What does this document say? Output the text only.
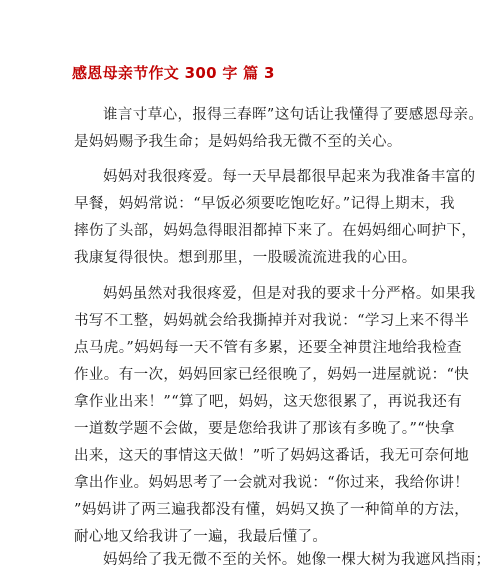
感恩母亲节作文 300 字 篇 3
谁言寸草心，报得三春晖”这句话让我懂得了要感恩母亲。
是妈妈赐予我生命；是妈妈给我无微不至的关心。
妈妈对我很疼爱。每一天早晨都很早起来为我准备丰富的
早餐，妈妈常说：“早饭必须要吃饱吃好。”记得上期末，我
摔伤了头部，妈妈急得眼泪都掉下来了。在妈妈细心呵护下，
我康复得很快。想到那里，一股暖流流进我的心田。
妈妈虽然对我很疼爱，但是对我的要求十分严格。如果我
书写不工整，妈妈就会给我撕掉并对我说：“学习上来不得半
点马虎。”妈妈每一天不管有多累，还要全神贯注地给我检查
作业。有一次，妈妈回家已经很晚了，妈妈一进屋就说：“快
拿作业出来！”“算了吧，妈妈，这天您很累了，再说我还有
一道数学题不会做，要是您给我讲了那该有多晚了。”“快拿
出来，这天的事情这天做！”听了妈妈这番话，我无可奈何地
拿出作业。妈妈思考了一会就对我说：“你过来，我给你讲！
”妈妈讲了两三遍我都没有懂，妈妈又换了一种简单的方法，
耐心地又给我讲了一遍，我最后懂了。
妈妈给了我无微不至的关怀。她像一棵大树为我遮风挡雨；
